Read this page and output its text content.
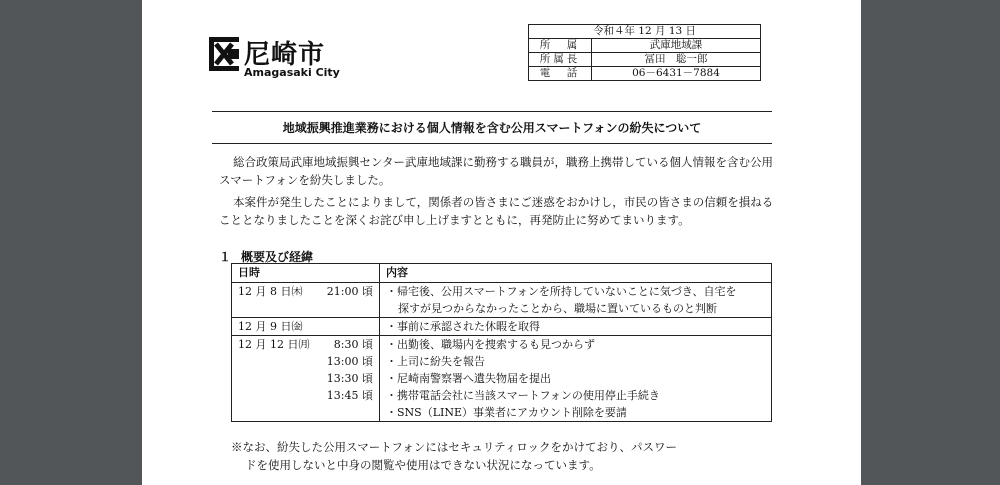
尼崎市
Amagasaki City
令和４年 12 月 13 日	
所　属	武庫地域課
所属長	冨田　聡一郎
電　話	06－6431－7884
地域振興推進業務における個人情報を含む公用スマートフォンの紛失について

総合政策局武庫地域振興センター武庫地域課に勤務する職員が，職務上携帯している個人情報を含む公用スマートフォンを紛失しました。

本案件が発生したことによりまして，関係者の皆さまにご迷惑をおかけし，市民の皆さまの信頼を損ねることとなりましたことを深くお詫び申し上げますとともに，再発防止に努めてまいります。

１ 概要及び経緯
日時	内容
12 月 8 日㈭ 21:00 頃	・帰宅後、公用スマートフォンを所持していないことに気づき、自宅を
探すが見つからなかったことから、職場に置いているものと判断

12 月 9 日㈮	・事前に承認された休暇を取得
12 月 12 日㈪ 8:30 頃	・出勤後、職場内を捜索するも見つからず

13:00 頃	・上司に紛失を報告

13:30 頃	・尼崎南警察署へ遺失物届を提出

13:45 頃	・携帯電話会社に当該スマートフォンの使用停止手続き
	・SNS（LINE）事業者にアカウント削除を要請

※なお、紛失した公用スマートフォンにはセキュリティロックをかけており、パスワー
ドを使用しないと中身の閲覧や使用はできない状況になっています。
